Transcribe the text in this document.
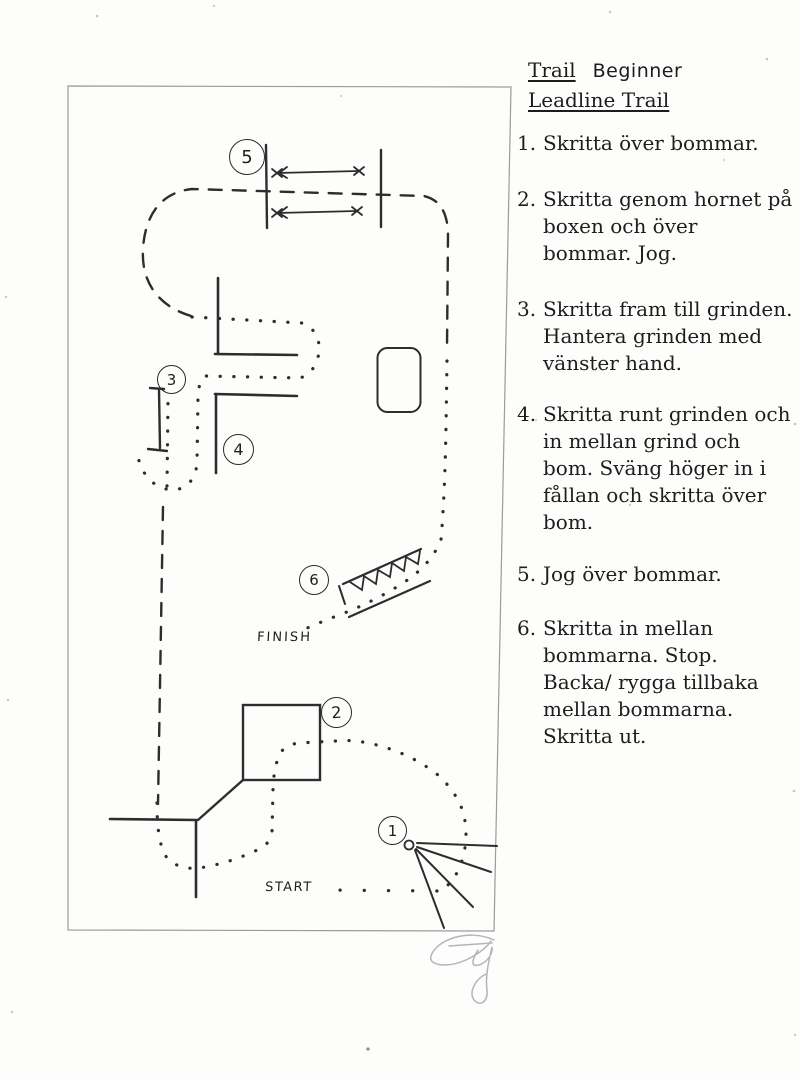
5
3
4
6
2
1
FINISH
START
Trail Beginner
Leadline Trail
1. Skritta över bommar.
2. Skritta genom hornet på
boxen och över
bommar. Jog.
3. Skritta fram till grinden.
Hantera grinden med
vänster hand.
4. Skritta runt grinden och
in mellan grind och
bom. Sväng höger in i
fållan och skritta över
bom.
5. Jog över bommar.
6. Skritta in mellan
bommarna. Stop.
Backa/ rygga tillbaka
mellan bommarna.
Skritta ut.
